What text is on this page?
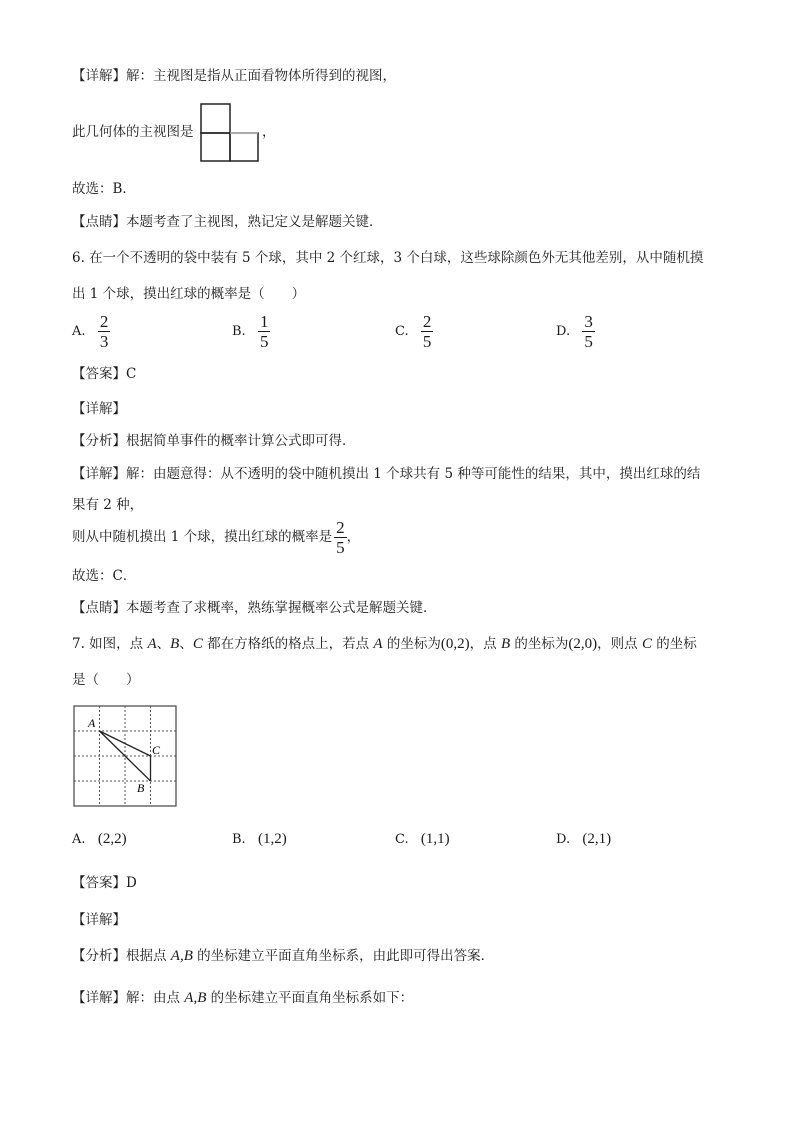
【详解】解：主视图是指从正面看物体所得到的视图，
此几何体的主视图是	，
故选：B．
【点睛】本题考查了主视图，熟记定义是解题关键．
6. 在一个不透明的袋中装有 5 个球，其中 2 个红球，3 个白球，这些球除颜色外无其他差别，从中随机摸
出 1 个球，摸出红球的概率是（　　）
A. $\frac{2}{3}$	B. $\frac{1}{5}$	C. $\frac{2}{5}$	D. $\frac{3}{5}$
【答案】C
【详解】
【分析】根据简单事件的概率计算公式即可得．
【详解】解：由题意得：从不透明的袋中随机摸出 1 个球共有 5 种等可能性的结果，其中，摸出红球的结
果有 2 种，
则从中随机摸出 1 个球，摸出红球的概率是 $\frac{2}{5}$ ，
故选：C．
【点睛】本题考查了求概率，熟练掌握概率公式是解题关键．
7. 如图，点 A、B、C 都在方格纸的格点上，若点 A 的坐标为(0,2)，点 B 的坐标为(2,0)，则点 C 的坐标
是（　　）
A
C
B
A. (2,2)	B. (1,2)	C. (1,1)	D. (2,1)
【答案】D
【详解】
【分析】根据点 A,B 的坐标建立平面直角坐标系，由此即可得出答案．
【详解】解：由点 A,B 的坐标建立平面直角坐标系如下：
